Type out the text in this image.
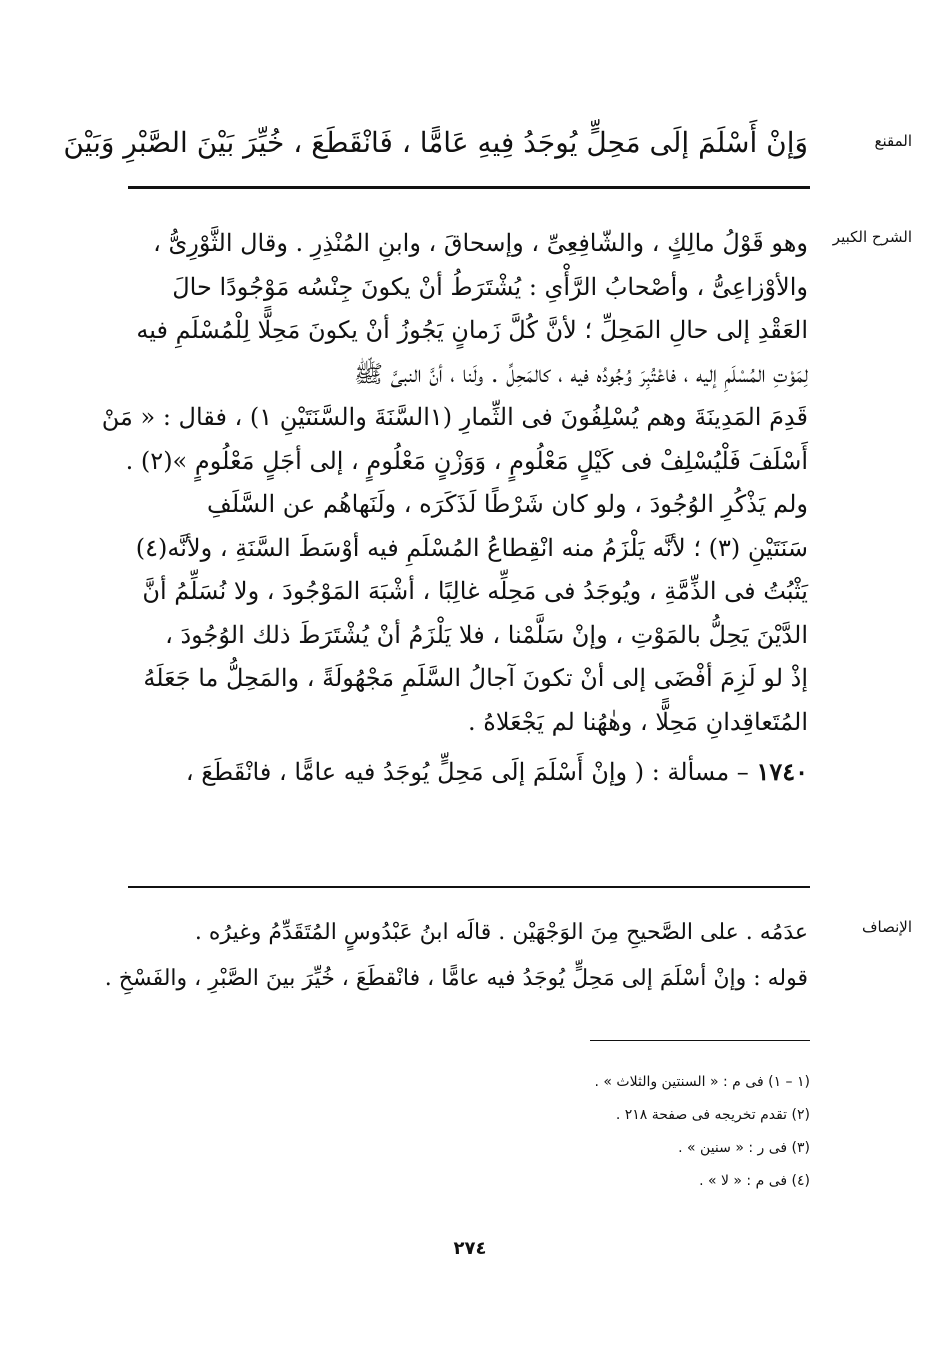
المقنع
وَإنْ أَسْلَمَ إلَى مَحِلٍّ يُوجَدُ فِيهِ عَامًّا ، فَانْقَطَعَ ، خُيِّرَ بَيْنَ الصَّبْرِ وَبَيْنَ
الشرح الكبير
وهو قَوْلُ مالِكٍ ، والشّافِعِىِّ ، وإسحاقَ ، وابنِ المُنْذِرِ . وقال الثَّوْرِىُّ ،
والأوْزاعِىُّ ، وأصْحابُ الرَّأْىِ : يُشْتَرَطُ أنْ يكونَ جِنْسُه مَوْجُودًا حالَ
العَقْدِ إلى حالِ المَحِلِّ ؛ لأنَّ كُلَّ زَمانٍ يَجُوزُ أنْ يكونَ مَحِلًّا لِلْمُسْلَمِ فيه
لِمَوْتِ المُسْلَمِ إليه ، فاعْتُبِرَ وُجُودُه فيه ، كالمَحِلِّ . ولَنا ، أنَّ النبىَّ ﷺ
قَدِمَ المَدِينَةَ وهم يُسْلِفُونَ فى الثِّمارِ (١السَّنَةَ والسَّنَتَيْنِ ١) ، فقال : « مَنْ
أَسْلَفَ فَلْيُسْلِفْ فى كَيْلٍ مَعْلُومٍ ، وَوَزْنٍ مَعْلُومٍ ، إلى أجَلٍ مَعْلُومٍ »(٢) .
ولم يَذْكُرِ الوُجُودَ ، ولو كان شَرْطًا لَذَكَرَه ، ولَنَهاهُم عن السَّلَفِ
سَنَتَيْنِ (٣) ؛ لأنَّه يَلْزَمُ منه انْقِطاعُ المُسْلَمِ فيه أوْسَطَ السَّنَةِ ، ولأنَّه(٤)
يَثْبُتُ فى الذِّمَّةِ ، ويُوجَدُ فى مَحِلِّه غالِبًا ، أشْبَهَ المَوْجُودَ ، ولا نُسَلِّمُ أنَّ
الدَّيْنَ يَحِلُّ بالمَوْتِ ، وإنْ سَلَّمْنا ، فلا يَلْزَمُ أنْ يُشْتَرَطَ ذلك الوُجُودَ ،
إذْ لو لَزِمَ أفْضَى إلى أنْ تكونَ آجالُ السَّلَمِ مَجْهُولَةً ، والمَحِلُّ ما جَعَلَهُ
المُتَعاقِدانِ مَحِلًّا ، وهٰهُنا لم يَجْعَلاهُ .
١٧٤٠ – مسألة : ( وإنْ أَسْلَمَ إلَى مَحِلٍّ يُوجَدُ فيه عامًّا ، فانْقَطَعَ ،
الإنصاف
عدَمُه . على الصَّحيحِ مِنَ الوَجْهَيْن . قالَه ابنُ عَبْدُوسٍ المُتَقَدِّمُ وغيرُه .
قوله : وإنْ أسْلَمَ إلى مَحِلٍّ يُوجَدُ فيه عامًّا ، فانْقطَعَ ، خُيِّرَ بينَ الصَّبْرِ ، والفَسْخِ .
(١ – ١) فى م : « السنتين والثلاث » .
(٢) تقدم تخريجه فى صفحة ٢١٨ .
(٣) فى ر : « سنين » .
(٤) فى م : « لا » .
٢٧٤
